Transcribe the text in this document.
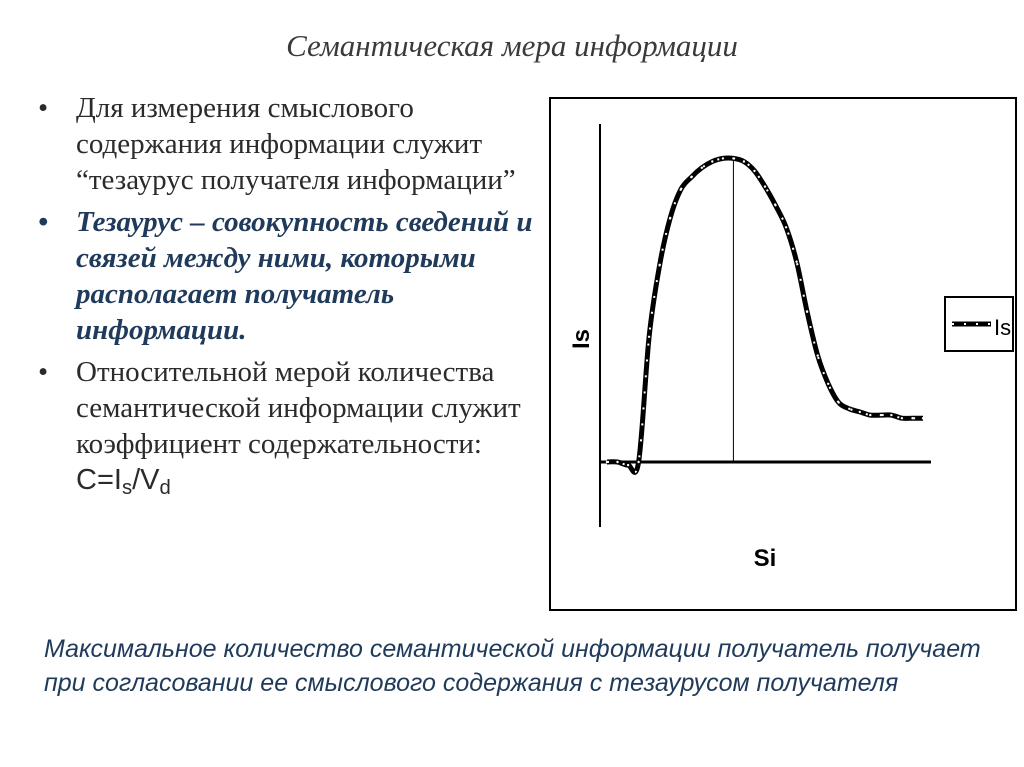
Семантическая мера информации
• Для измерения смыслового содержания информации служит “тезаурус получателя информации”
• Тезаурус – совокупность сведений и связей между ними, которыми располагает получатель информации.
• Относительной мерой количества семантической информации служит коэффициент содержательности: $C=I_s/V_d$
Is
Si
Is
Максимальное количество семантической информации получатель получает при согласовании ее смыслового содержания с тезаурусом получателя
